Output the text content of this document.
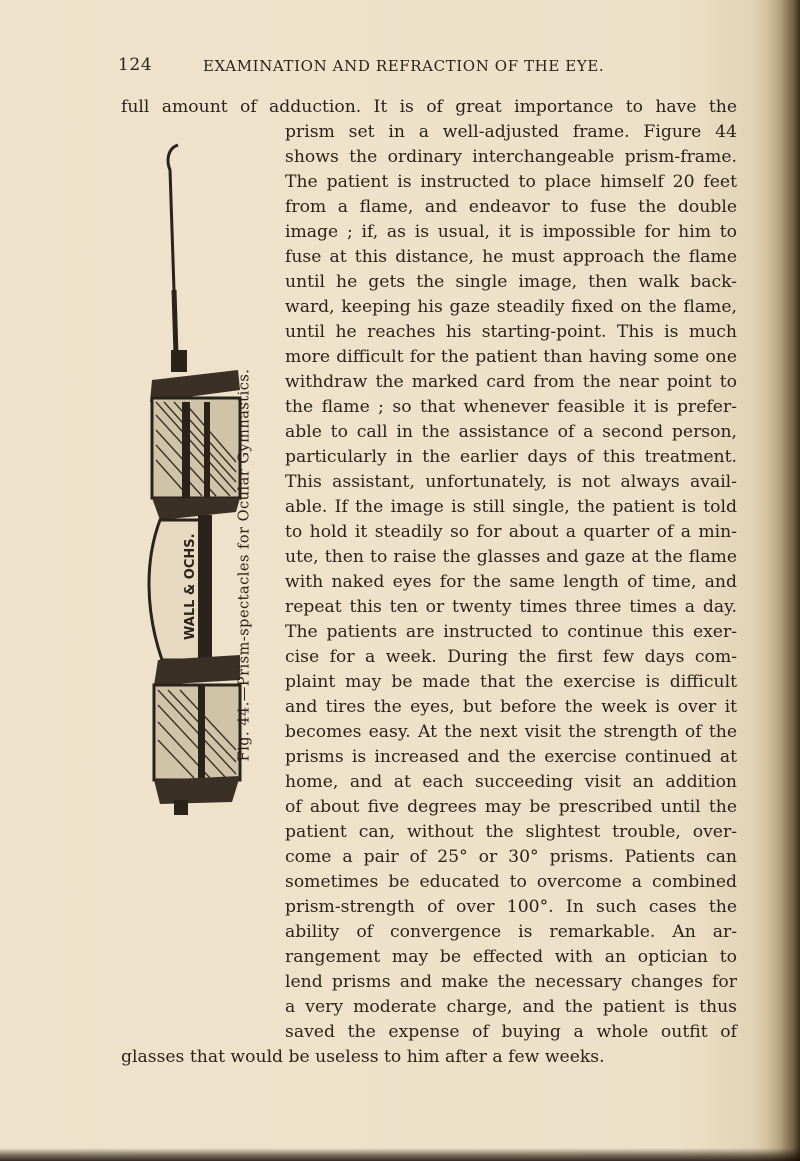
124	EXAMINATION AND REFRACTION OF THE EYE.
WALL & OCHS.	Fig. 44.—Prism-spectacles for Ocular Gymnastics.
full amount of adduction. It is of great importance to have the
prism set in a well-adjusted frame. Figure 44
shows the ordinary interchangeable prism-frame.
The patient is instructed to place himself 20 feet
from a flame, and endeavor to fuse the double
image ; if, as is usual, it is impossible for him to
fuse at this distance, he must approach the flame
until he gets the single image, then walk back-
ward, keeping his gaze steadily fixed on the flame,
until he reaches his starting-point. This is much
more difficult for the patient than having some one
withdraw the marked card from the near point to
the flame ; so that whenever feasible it is prefer-
able to call in the assistance of a second person,
particularly in the earlier days of this treatment.
This assistant, unfortunately, is not always avail-
able. If the image is still single, the patient is told
to hold it steadily so for about a quarter of a min-
ute, then to raise the glasses and gaze at the flame
with naked eyes for the same length of time, and
repeat this ten or twenty times three times a day.
The patients are instructed to continue this exer-
cise for a week. During the first few days com-
plaint may be made that the exercise is difficult
and tires the eyes, but before the week is over it
becomes easy. At the next visit the strength of the
prisms is increased and the exercise continued at
home, and at each succeeding visit an addition
of about five degrees may be prescribed until the
patient can, without the slightest trouble, over-
come a pair of 25° or 30° prisms. Patients can
sometimes be educated to overcome a combined
prism-strength of over 100°. In such cases the
ability of convergence is remarkable. An ar-
rangement may be effected with an optician to
lend prisms and make the necessary changes for
a very moderate charge, and the patient is thus
saved the expense of buying a whole outfit of
glasses that would be useless to him after a few weeks.
